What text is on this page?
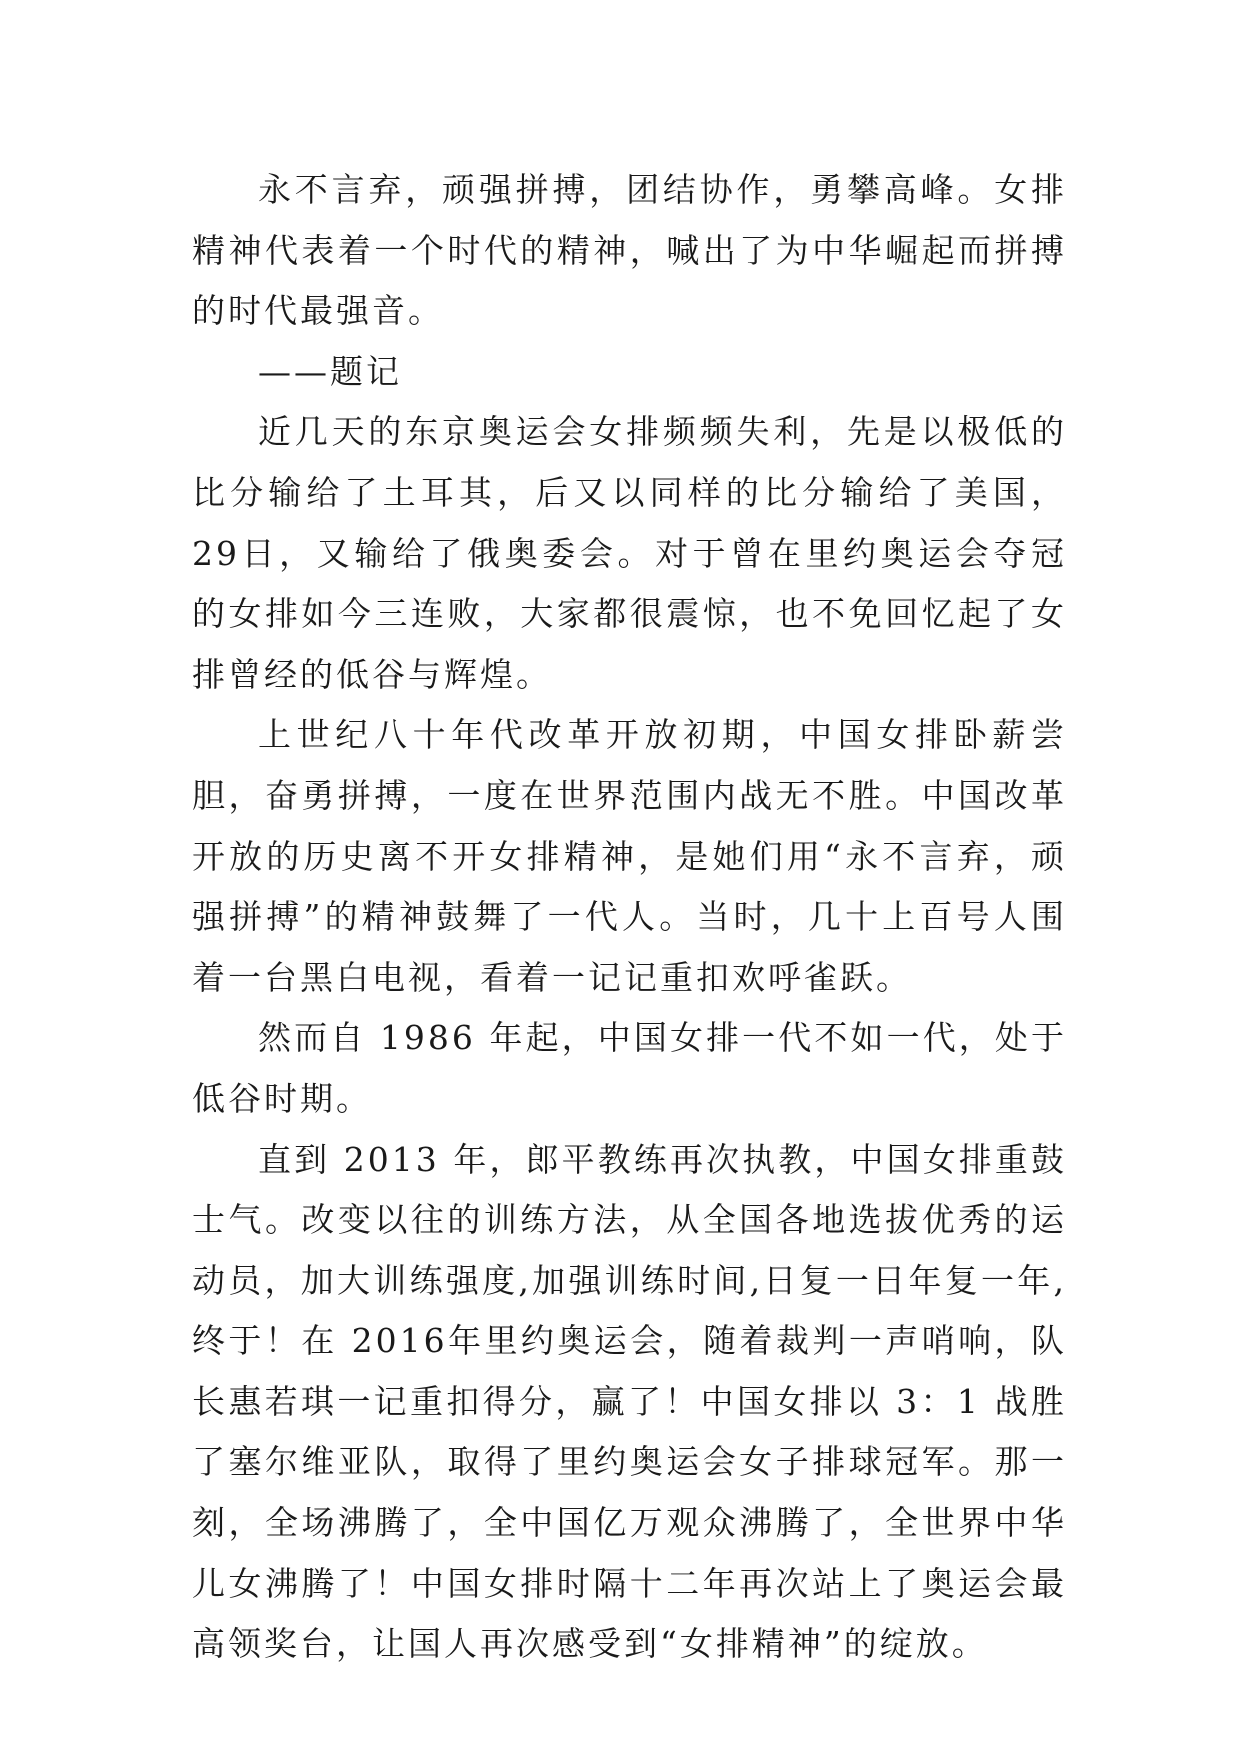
永不言弃，顽强拼搏，团结协作，勇攀高峰。女排精神代表着一个时代的精神，喊出了为中华崛起而拼搏的时代最强音。

——题记

近几天的东京奥运会女排频频失利，先是以极低的比分输给了土耳其，后又以同样的比分输给了美国，29日，又输给了俄奥委会。对于曾在里约奥运会夺冠的女排如今三连败，大家都很震惊，也不免回忆起了女排曾经的低谷与辉煌。

上世纪八十年代改革开放初期，中国女排卧薪尝胆，奋勇拼搏，一度在世界范围内战无不胜。中国改革开放的历史离不开女排精神，是她们用“永不言弃，顽强拼搏”的精神鼓舞了一代人。当时，几十上百号人围着一台黑白电视，看着一记记重扣欢呼雀跃。

然而自 1986 年起，中国女排一代不如一代，处于低谷时期。

直到 2013 年，郎平教练再次执教，中国女排重鼓士气。改变以往的训练方法，从全国各地选拔优秀的运动员，加大训练强度,加强训练时间,日复一日年复一年,终于！在 2016年里约奥运会，随着裁判一声哨响，队长惠若琪一记重扣得分，赢了！中国女排以 3：1 战胜了塞尔维亚队，取得了里约奥运会女子排球冠军。那一刻，全场沸腾了，全中国亿万观众沸腾了，全世界中华儿女沸腾了！中国女排时隔十二年再次站上了奥运会最高领奖台，让国人再次感受到“女排精神”的绽放。
